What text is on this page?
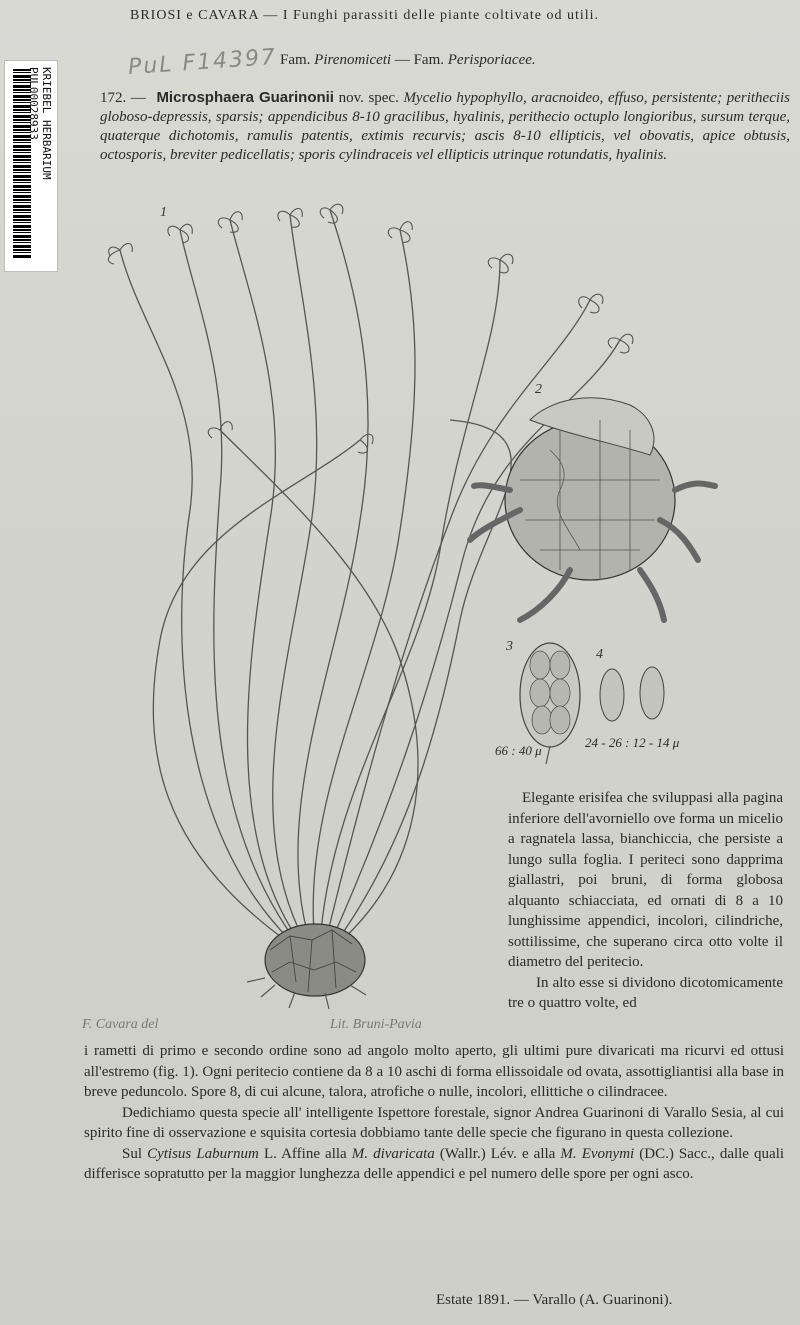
KRIEBEL HERBARIUM
PUL00028933
BRIOSI e CAVARA — I Funghi parassiti delle piante coltivate od utili.
PuL F14397 Fam. Pirenomiceti — Fam. Perisporiacee.
172. — Microsphaera Guarinonii nov. spec. Mycelio hypophyllo, aracnoideo, effuso, persistente; peritheciis globoso-depressis, sparsis; appendicibus 8-10 gracilibus, hyalinis, perithecio octuplo longioribus, sursum terque, quaterque dichotomis, ramulis patentis, extimis recurvis; ascis 8-10 ellipticis, vel obovatis, apice obtusis, octosporis, breviter pedicellatis; sporis cylindraceis vel ellipticis utrinque rotundatis, hyalinis.
1
2
3
4
66 : 40 μ
24 - 26 : 12 - 14 μ
F. Cavara del	Lit. Bruni-Pavia

Elegante erisifea che sviluppasi alla pagina inferiore dell'avorniello ove forma un micelio a ragnatela lassa, bianchiccia, che persiste a lungo sulla foglia. I periteci sono dapprima giallastri, poi bruni, di forma globosa alquanto schiacciata, ed ornati di 8 a 10 lunghissime appendici, incolori, cilindriche, sottilissime, che superano circa otto volte il diametro del peritecio.

In alto esse si dividono dicotomicamente tre o quattro volte, ed

i rametti di primo e secondo ordine sono ad angolo molto aperto, gli ultimi pure divaricati ma ricurvi ed ottusi all'estremo (fig. 1). Ogni peritecio contiene da 8 a 10 aschi di forma ellissoidale od ovata, assottigliantisi alla base in breve peduncolo. Spore 8, di cui alcune, talora, atrofiche o nulle, incolori, ellittiche o cilindracee.

Dedichiamo questa specie all' intelligente Ispettore forestale, signor Andrea Guarinoni di Varallo Sesia, al cui spirito fine di osservazione e squisita cortesia dobbiamo tante delle specie che figurano in questa collezione.

Sul Cytisus Laburnum L. Affine alla M. divaricata (Wallr.) Lév. e alla M. Evonymi (DC.) Sacc., dalle quali differisce sopratutto per la maggior lunghezza delle appendici e pel numero delle spore per ogni asco.

Estate 1891. — Varallo (A. Guarinoni).
